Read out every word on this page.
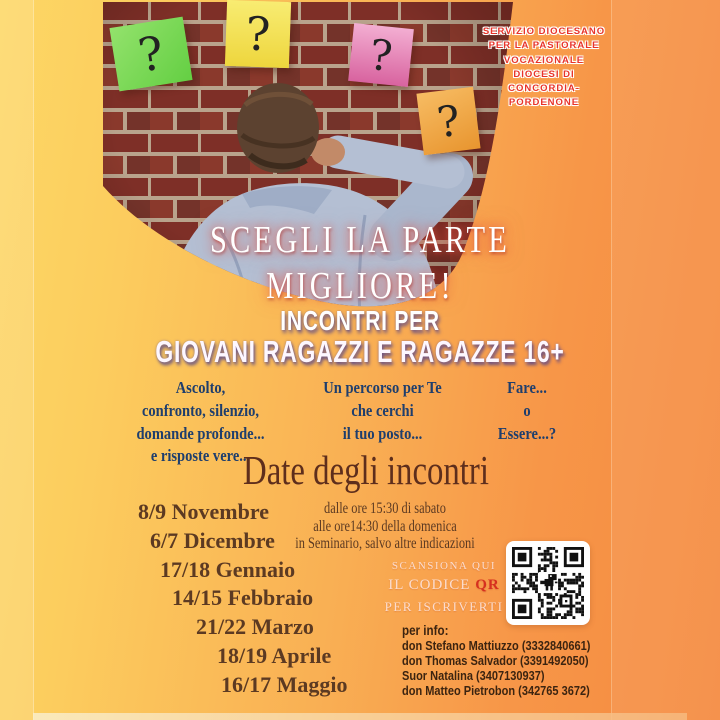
? ? ?
?
SERVIZIO DIOCESANO
PER LA PASTORALE
VOCAZIONALE
DIOCESI DI
CONCORDIA-PORDENONE
SCEGLI LA PARTE
MIGLIORE!
INCONTRI PER
GIOVANI RAGAZZI E RAGAZZE 16+
Ascolto,
confronto, silenzio,
domande profonde...
e risposte vere...
Un percorso per Te
che cerchi
il tuo posto...
Fare...
o
Essere...?
Date degli incontri
8/9 Novembre
6/7 Dicembre
17/18 Gennaio
14/15 Febbraio
21/22 Marzo
18/19 Aprile
16/17 Maggio
dalle ore 15:30 di sabato
alle ore14:30 della domenica
in Seminario, salvo altre indicazioni
SCANSIONA QUI
IL CODICE QR
PER ISCRIVERTI
per info:
don Stefano Mattiuzzo (3332840661)
don Thomas Salvador (3391492050)
Suor Natalina (3407130937)
don Matteo Pietrobon (342765 3672)
